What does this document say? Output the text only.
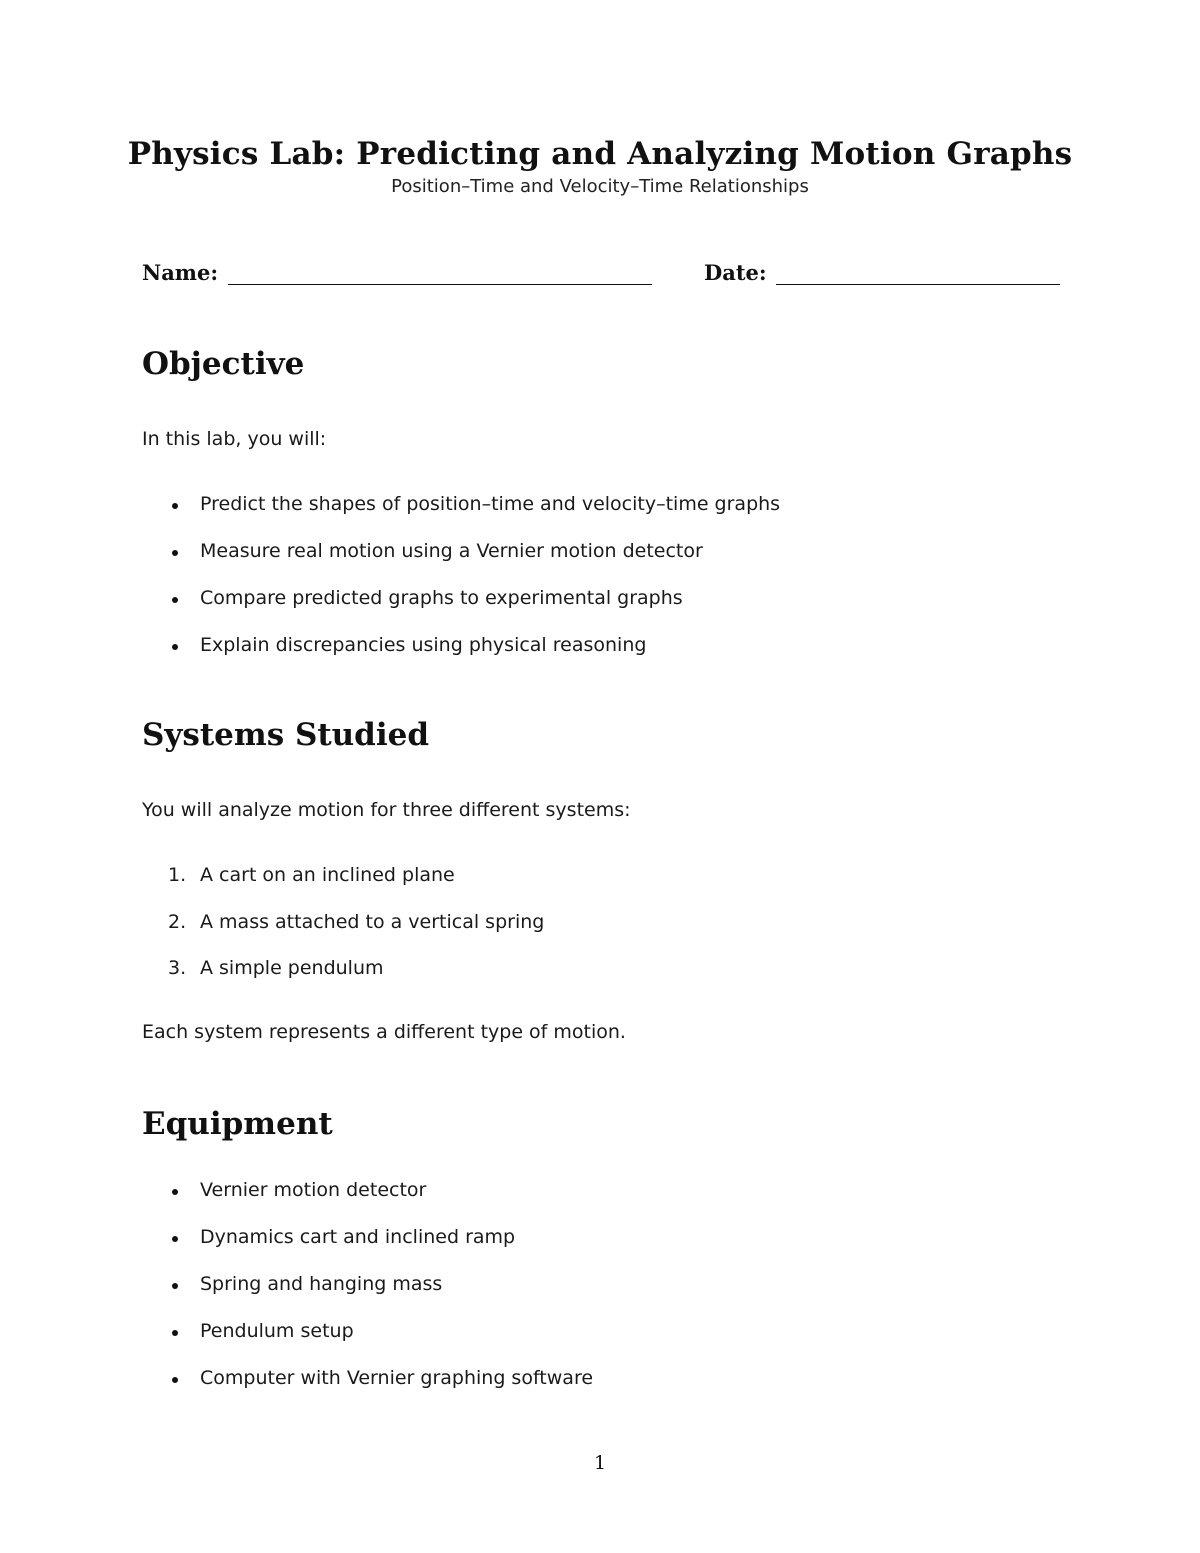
Physics Lab: Predicting and Analyzing Motion Graphs
Position–Time and Velocity–Time Relationships
Name:	Date:
Objective
In this lab, you will:
Predict the shapes of position–time and velocity–time graphs
Measure real motion using a Vernier motion detector
Compare predicted graphs to experimental graphs
Explain discrepancies using physical reasoning
Systems Studied
You will analyze motion for three different systems:
1. A cart on an inclined plane
2. A mass attached to a vertical spring
3. A simple pendulum
Each system represents a different type of motion.
Equipment
Vernier motion detector
Dynamics cart and inclined ramp
Spring and hanging mass
Pendulum setup
Computer with Vernier graphing software
1
